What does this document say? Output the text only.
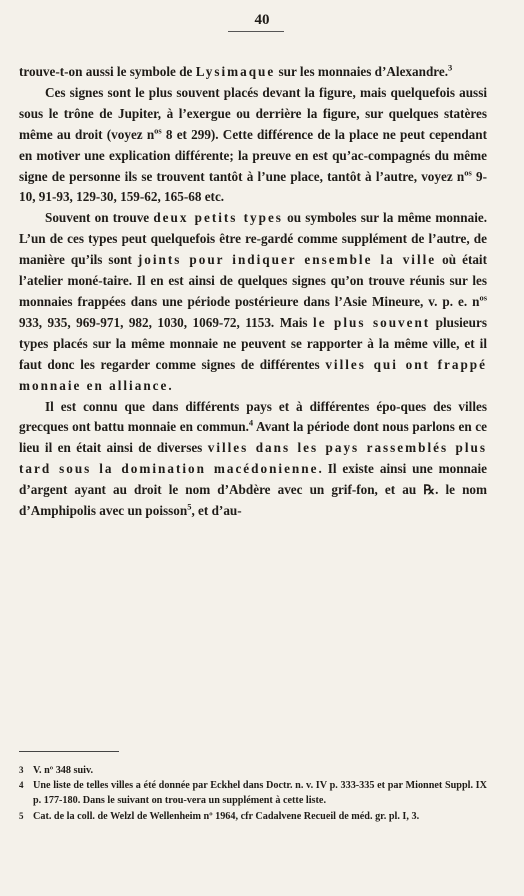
40

trouve-t-on aussi le symbole de Lysimaque sur les monnaies d’Alexandre.$^3$

Ces signes sont le plus souvent placés devant la figure, mais quelquefois aussi sous le trône de Jupiter, à l’exergue ou derrière la figure, sur quelques statères même au droit (voyez $n^{os}$ 8 et 299). Cette différence de la place ne peut cependant en motiver une explication différente; la preuve en est qu’ac-compagnés du même signe de personne ils se trouvent tantôt à l’une place, tantôt à l’autre, voyez $n^{os}$ 9-10, 91-93, 129-30, 159-62, 165-68 etc.

Souvent on trouve deux petits types ou symboles sur la même monnaie. L’un de ces types peut quelquefois être re-gardé comme supplément de l’autre, de manière qu’ils sont joints pour indiquer ensemble la ville où était l’atelier moné-taire. Il en est ainsi de quelques signes qu’on trouve réunis sur les monnaies frappées dans une période postérieure dans l’Asie Mineure, v. p. e. $n^{os}$ 933, 935, 969-971, 982, 1030, 1069-72, 1153. Mais le plus souvent plusieurs types placés sur la même monnaie ne peuvent se rapporter à la même ville, et il faut donc les regarder comme signes de différentes villes qui ont frappé monnaie en alliance.

Il est connu que dans différents pays et à différentes épo-ques des villes grecques ont battu monnaie en commun.$^4$ Avant la période dont nous parlons en ce lieu il en était ainsi de diverses villes dans les pays rassemblés plus tard sous la domination macédonienne. Il existe ainsi une monnaie d’argent ayant au droit le nom d’Abdère avec un grif-fon, et au ℞. le nom d’Amphipolis avec un poisson$^5$, et d’au-

3 V. nº 348 suiv.
4 Une liste de telles villes a été donnée par Eckhel dans Doctr. n. v. IV p. 333-335 et par Mionnet Suppl. IX p. 177-180. Dans le suivant on trou-vera un supplément à cette liste.
5 Cat. de la coll. de Welzl de Wellenheim nº 1964, cfr Cadalvene Recueil de méd. gr. pl. I, 3.
